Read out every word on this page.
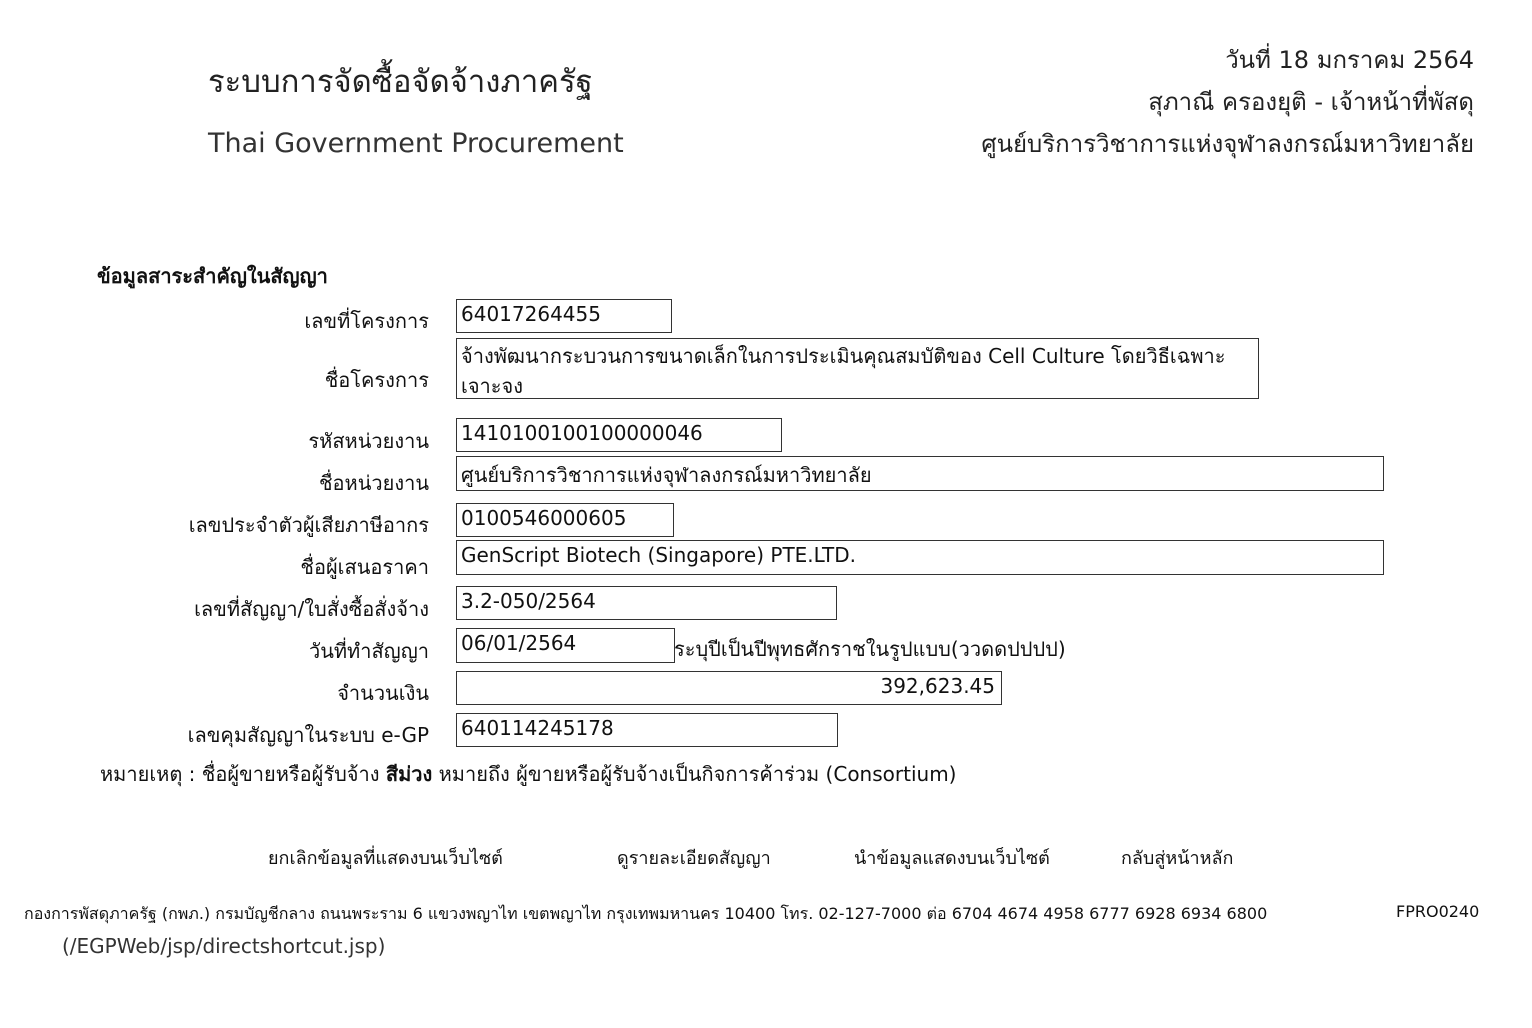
ระบบการจัดซื้อจัดจ้างภาครัฐ
Thai Government Procurement
วันที่ 18 มกราคม 2564
สุภาณี ครองยุติ - เจ้าหน้าที่พัสดุ
ศูนย์บริการวิชาการแห่งจุฬาลงกรณ์มหาวิทยาลัย
ข้อมูลสาระสำคัญในสัญญา
เลขที่โครงการ 64017264455
ชื่อโครงการ
จ้างพัฒนากระบวนการขนาดเล็กในการประเมินคุณสมบัติของ Cell Culture โดยวิธีเฉพาะเจาะจง
รหัสหน่วยงาน 1410100100100000046
ชื่อหน่วยงาน ศูนย์บริการวิชาการแห่งจุฬาลงกรณ์มหาวิทยาลัย
เลขประจำตัวผู้เสียภาษีอากร 0100546000605
ชื่อผู้เสนอราคา GenScript Biotech (Singapore) PTE.LTD.
เลขที่สัญญา/ใบสั่งซื้อสั่งจ้าง 3.2-050/2564
วันที่ทำสัญญา 06/01/2564	ระบุปีเป็นปีพุทธศักราชในรูปแบบ(ววดดปปปป)
จำนวนเงิน	392,623.45
เลขคุมสัญญาในระบบ e-GP 640114245178
หมายเหตุ : ชื่อผู้ขายหรือผู้รับจ้าง สีม่วง หมายถึง ผู้ขายหรือผู้รับจ้างเป็นกิจการค้าร่วม (Consortium)
ยกเลิกข้อมูลที่แสดงบนเว็บไซต์	ดูรายละเอียดสัญญา	นำข้อมูลแสดงบนเว็บไซต์	กลับสู่หน้าหลัก
กองการพัสดุภาครัฐ (กพภ.) กรมบัญชีกลาง ถนนพระราม 6 แขวงพญาไท เขตพญาไท กรุงเทพมหานคร 10400 โทร. 02-127-7000 ต่อ 6704 4674 4958 6777 6928 6934 6800	FPRO0240
(/EGPWeb/jsp/directshortcut.jsp)
